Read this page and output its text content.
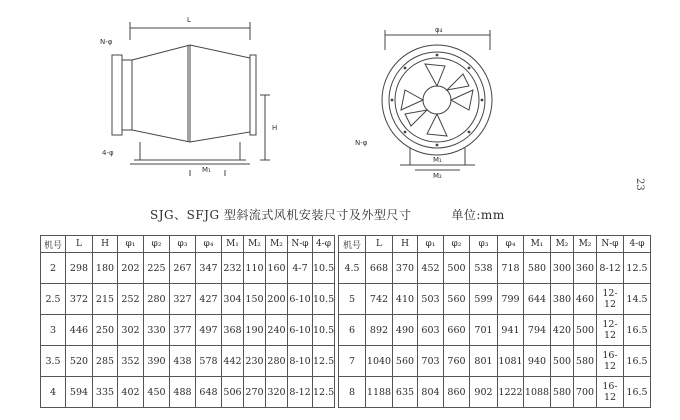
L
N-φ
4-φ
H
M₁
φ₄
N-φ
M₁
M₂
23
SJG、SFJG 型斜流式风机安装尺寸及外型尺寸	单位:mm
机号	L	H	φ₁	φ₂	φ₃	φ₄	M₁	M₂	M₂	N-φ	4-φ
2	298	180	202	225	267	347	232	110	160	4-7	10.5
2.5	372	215	252	280	327	427	304	150	200	6-10	10.5
3	446	250	302	330	377	497	368	190	240	6-10	10.5
3.5	520	285	352	390	438	578	442	230	280	8-10	12.5
4	594	335	402	450	488	648	506	270	320	8-12	12.5
机号	L	H	φ₁	φ₂	φ₃	φ₄	M₁	M₂	M₂	N-φ	4-φ
4.5	668	370	452	500	538	718	580	300	360	8-12	12.5
5	742	410	503	560	599	799	644	380	460	12-12	14.5
6	892	490	603	660	701	941	794	420	500	12-12	16.5
7	1040	560	703	760	801	1081	940	500	580	16-12	16.5
8	1188	635	804	860	902	1222	1088	580	700	16-12	16.5
